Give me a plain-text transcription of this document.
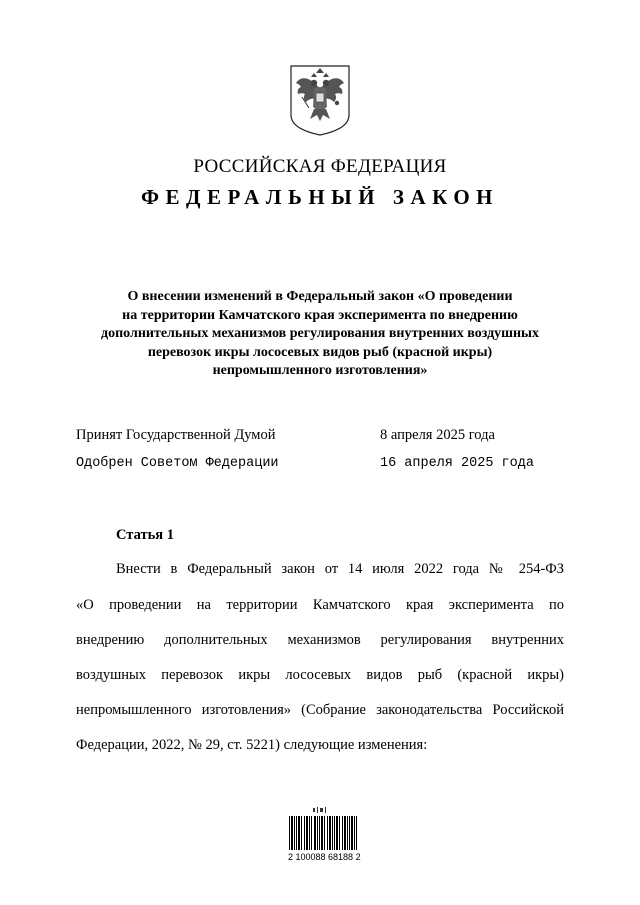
РОССИЙСКАЯ ФЕДЕРАЦИЯ
ФЕДЕРАЛЬНЫЙ ЗАКОН
О внесении изменений в Федеральный закон «О проведении
на территории Камчатского края эксперимента по внедрению
дополнительных механизмов регулирования внутренних воздушных
перевозок икры лососевых видов рыб (красной икры)
непромышленного изготовления»
Принят Государственной Думой	8 апреля 2025 года
Одобрен Советом Федерации	16 апреля 2025 года
Статья 1
Внести в Федеральный закон от 14 июля 2022 года № 254-ФЗ
«О проведении на территории Камчатского края эксперимента по
внедрению дополнительных механизмов регулирования внутренних
воздушных перевозок икры лососевых видов рыб (красной икры)
непромышленного изготовления» (Собрание законодательства Российской
Федерации, 2022, № 29, ст. 5221) следующие изменения:
2 100088 68188 2
